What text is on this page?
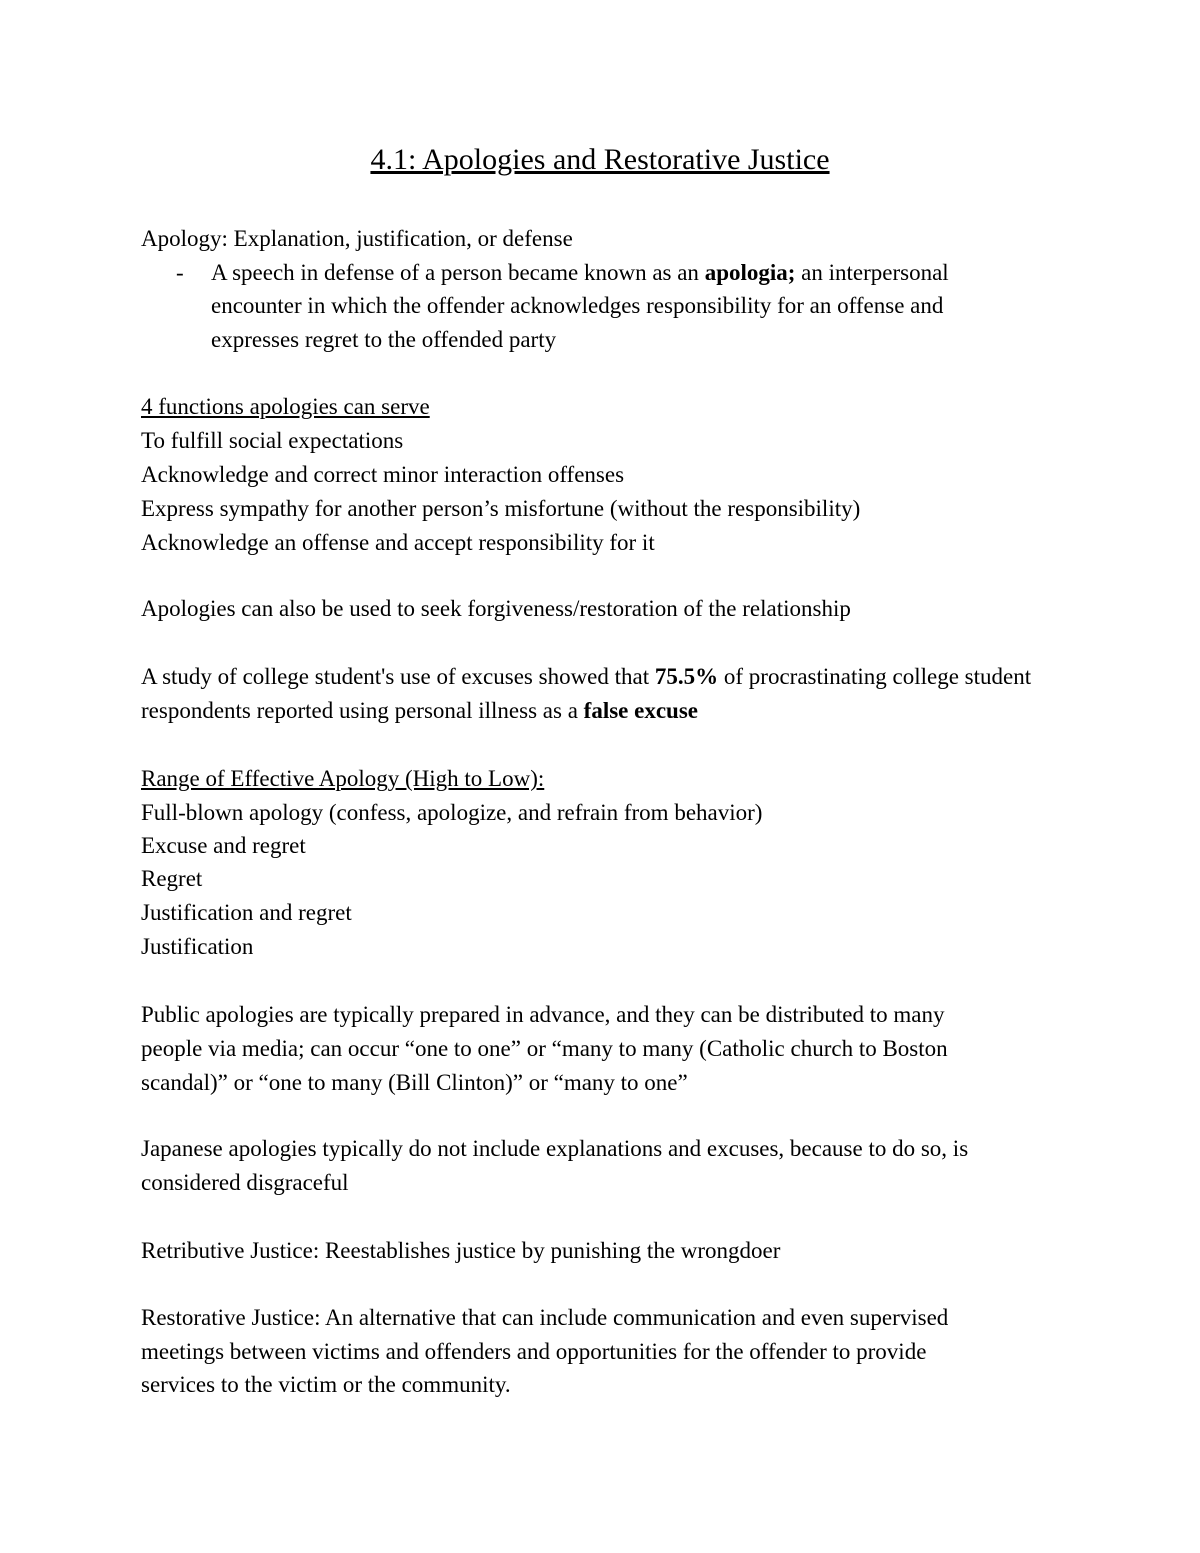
4.1: Apologies and Restorative Justice
Apology: Explanation, justification, or defense
- A speech in defense of a person became known as an apologia; an interpersonal
encounter in which the offender acknowledges responsibility for an offense and
expresses regret to the offended party
4 functions apologies can serve
To fulfill social expectations
Acknowledge and correct minor interaction offenses
Express sympathy for another person’s misfortune (without the responsibility)
Acknowledge an offense and accept responsibility for it
Apologies can also be used to seek forgiveness/restoration of the relationship
A study of college student's use of excuses showed that 75.5% of procrastinating college student
respondents reported using personal illness as a false excuse
Range of Effective Apology (High to Low):
Full-blown apology (confess, apologize, and refrain from behavior)
Excuse and regret
Regret
Justification and regret
Justification
Public apologies are typically prepared in advance, and they can be distributed to many
people via media; can occur “one to one” or “many to many (Catholic church to Boston
scandal)” or “one to many (Bill Clinton)” or “many to one”
Japanese apologies typically do not include explanations and excuses, because to do so, is
considered disgraceful
Retributive Justice: Reestablishes justice by punishing the wrongdoer
Restorative Justice: An alternative that can include communication and even supervised
meetings between victims and offenders and opportunities for the offender to provide
services to the victim or the community.
